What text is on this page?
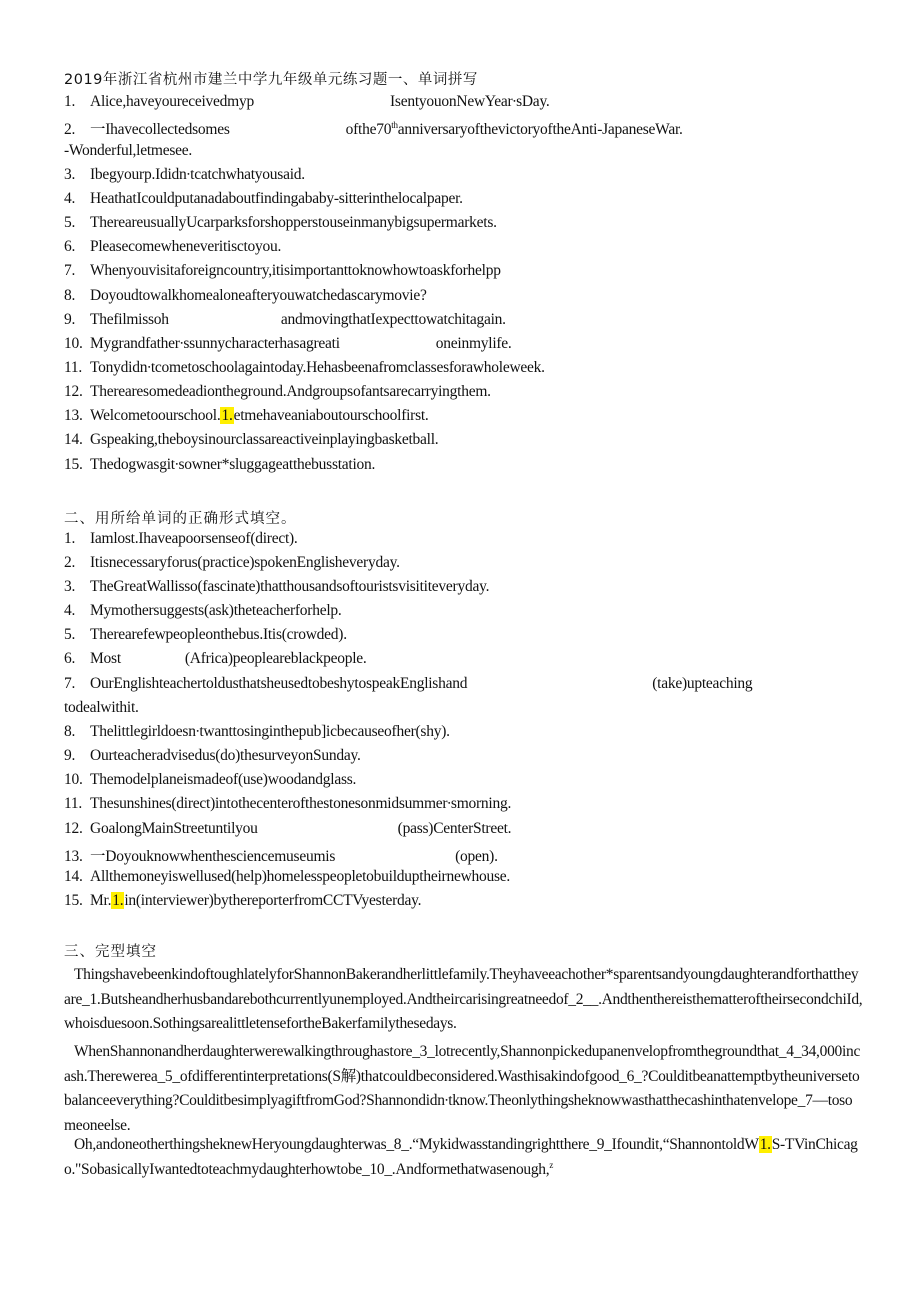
2019年浙江省杭州市建兰中学九年级单元练习题一、单词拼写
1. Alice,haveyoureceivedmyp	IsentyouonNewYear∙sDay.
2. 一Ihavecollectedsomes	ofthe70thanniversaryofthevictoryoftheAnti-JapaneseWar.
-Wonderful,letmesee.
3. Ibegyourp.Ididn∙tcatchwhatyousaid.
4. HeathatIcouldputanadaboutfindingababy-sitterinthelocalpaper.
5. TherearеusuallyUcarparksforshopperstouseinmanybigsupermarkets.
6. Pleasecomewheneveritisctoyou.
7. Whenyouvisitaforeigncountry,itisimportanttoknowhowtoaskforhelpp
8. Doyoudtowalkhomealoneafteryouwatchedascarymovie?
9. Thefilmissoh	andmovingthatIexpecttowatchitagain.
10. Mygrandfather∙ssunnycharacterhasagreati	oneinmylife.
11. Tonydidn∙tcometoschoolagaintoday.Hehasbeenafromclassesforawholeweek.
12. Therearesomedeadiontheground.Andgroupsofantsarecarryingthem.
13. Welcometoourschool.1.etmehaveaniaboutourschoolfirst.
14. Gspeaking,theboysinourclassareactiveinplayingbasketball.
15. Thedogwasgit∙sowner*sluggageatthebusstation.
二、用所给单词的正确形式填空。
1. Iamlost.Ihaveapoorsenseof(direct).
2. Itisnecessaryforus(practice)spokenEnglisheveryday.
3. TheGreatWallisso(fascinate)thatthousandsoftouristsvisititeveryday.
4. Mymothersuggests(ask)theteacherforhelp.
5. Therearefewpeopleonthebus.Itis(crowded).
6. Most	(Africa)peopleareblackpeople.
7. OurEnglishteachertoldusthatsheusedtobeshytospeakEnglishand	(take)upteaching
todealwithit.
8. Thelittlegirldoesn∙twanttosinginthepub]icbecauseofher(shy).
9. Ourteacheradvisedus(do)thesurveyonSunday.
10. Themodelplaneismadeof(use)woodandglass.
11. Thesunshines(direct)intothecenterofthestonesonmidsummer∙smorning.
12. GoalongMainStreetuntilyou	(pass)CenterStreet.
13. 一Doyouknowwhenthesciencemuseumis	(open).
14. Allthemoneyiswellused(help)homelesspeopletobuilduptheirnewhouse.
15. Mr.1.in(interviewer)bythereporterfromCCTVyesterday.
三、完型填空
ThingshavebeenkindoftoughlatelyforShannonBakerandherlittlefamily.Theyhaveeachother*sparentsandyoungdaughterandforthattheyare_1.Butsheandherhusbandarebothcurrentlyunemployed.Andtheircarisingreatneedof_2__.AndthenthereisthematteroftheirsecondchiId,whoisduesoon.SothingsarealittletensefortheBakerfamilythesedays.
WhenShannonandherdaughterwerewalkingthroughastore_3_lotrecently,Shannonpickedupanenvelopfromthegroundthat_4_34,000incash.Therewerea_5_ofdifferentinterpretations(S解)thatcouldbeconsidered.Wasthisakindofgood_6_?Coulditbeanattemptbytheuniversetobalanceeverything?CoulditbesimplyagiftfromGod?Shannondidn∙tknow.Theonlythingsheknowwasthatthecashinthatenvelope_7—tosomeoneelse.
Oh,andoneotherthingsheknewHeryoungdaughterwas_8_.“Mykidwasstandingrightthere_9_Ifoundit,“ShannontoldW1.S-TVinChicago."SobasicallyIwantedtoteachmydaughterhowtobe_10_.Andformethatwasenough,$^z$
